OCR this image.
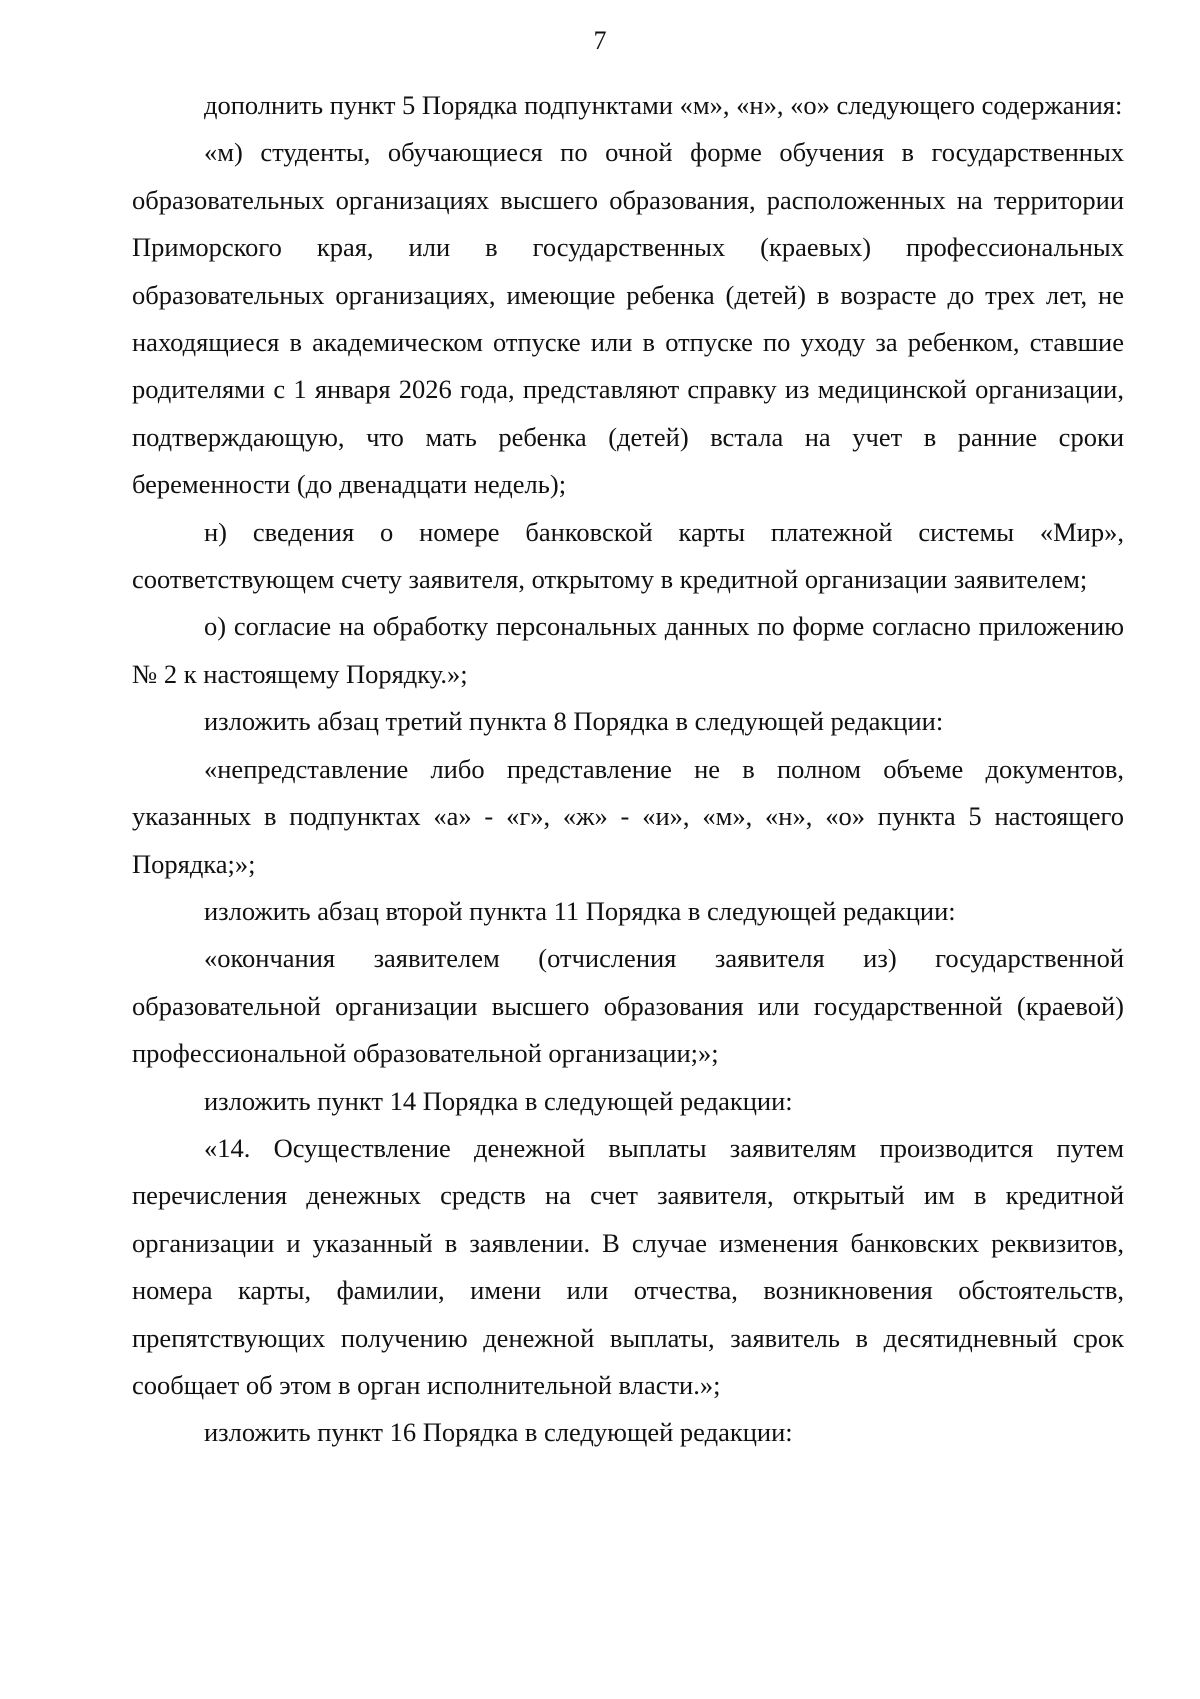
7

дополнить пункт 5 Порядка подпунктами «м», «н», «о» следующего содержания:

«м) студенты, обучающиеся по очной форме обучения в государственных образовательных организациях высшего образования, расположенных на территории Приморского края, или в государственных (краевых) профессиональных образовательных организациях, имеющие ребенка (детей) в возрасте до трех лет, не находящиеся в академическом отпуске или в отпуске по уходу за ребенком, ставшие родителями с 1 января 2026 года, представляют справку из медицинской организации, подтверждающую, что мать ребенка (детей) встала на учет в ранние сроки беременности (до двенадцати недель);

н) сведения о номере банковской карты платежной системы «Мир», соответствующем счету заявителя, открытому в кредитной организации заявителем;

о) согласие на обработку персональных данных по форме согласно приложению № 2 к настоящему Порядку.»;

изложить абзац третий пункта 8 Порядка в следующей редакции:

«непредставление либо представление не в полном объеме документов, указанных в подпунктах «а» - «г», «ж» - «и», «м», «н», «о» пункта 5 настоящего Порядка;»;

изложить абзац второй пункта 11 Порядка в следующей редакции:

«окончания заявителем (отчисления заявителя из) государственной образовательной организации высшего образования или государственной (краевой) профессиональной образовательной организации;»;

изложить пункт 14 Порядка в следующей редакции:

«14. Осуществление денежной выплаты заявителям производится путем перечисления денежных средств на счет заявителя, открытый им в кредитной организации и указанный в заявлении. В случае изменения банковских реквизитов, номера карты, фамилии, имени или отчества, возникновения обстоятельств, препятствующих получению денежной выплаты, заявитель в десятидневный срок сообщает об этом в орган исполнительной власти.»;

изложить пункт 16 Порядка в следующей редакции:
